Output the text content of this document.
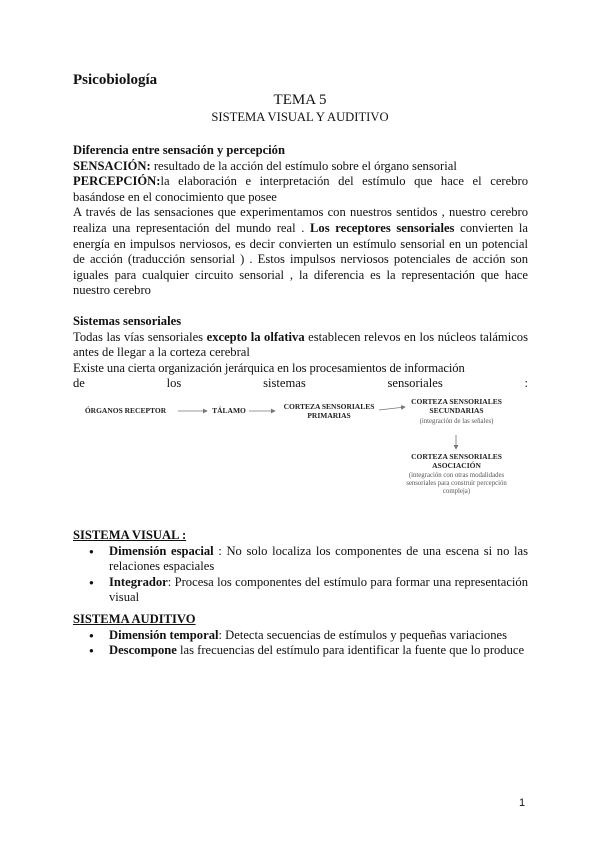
Psicobiología
TEMA 5
SISTEMA VISUAL Y AUDITIVO
Diferencia entre sensación y percepción
SENSACIÓN: resultado de la acción del estímulo sobre el órgano sensorial
PERCEPCIÓN:la elaboración e interpretación del estímulo que hace el cerebro basándose en el conocimiento que posee
A través de las sensaciones que experimentamos con nuestros sentidos , nuestro cerebro realiza una representación del mundo real . Los receptores sensoriales convierten la energía en impulsos nerviosos, es decir convierten un estímulo sensorial en un potencial de acción (traducción sensorial ) . Estos impulsos nerviosos potenciales de acción son iguales para cualquier circuito sensorial , la diferencia es la representación que hace nuestro cerebro
Sistemas sensoriales
Todas las vías sensoriales excepto la olfativa establecen relevos en los núcleos talámicos antes de llegar a la corteza cerebral
Existe una cierta organización jerárquica en los procesamientos de información
de	los	sistemas	sensoriales	:
ÓRGANOS RECEPTOR	TÁLAMO	CORTEZA SENSORIALES PRIMARIAS
CORTEZA SENSORIALES SECUNDARIAS
(integración de las señales)
CORTEZA SENSORIALES ASOCIACIÓN
(integración con otras modalidades sensoriales para construir percepción compleja)
SISTEMA VISUAL :
● Dimensión espacial : No solo localiza los componentes de una escena si no las relaciones espaciales
● Integrador: Procesa los componentes del estímulo para formar una representación visual
SISTEMA AUDITIVO
● Dimensión temporal: Detecta secuencias de estímulos y pequeñas variaciones
● Descompone las frecuencias del estímulo para identificar la fuente que lo produce
1
